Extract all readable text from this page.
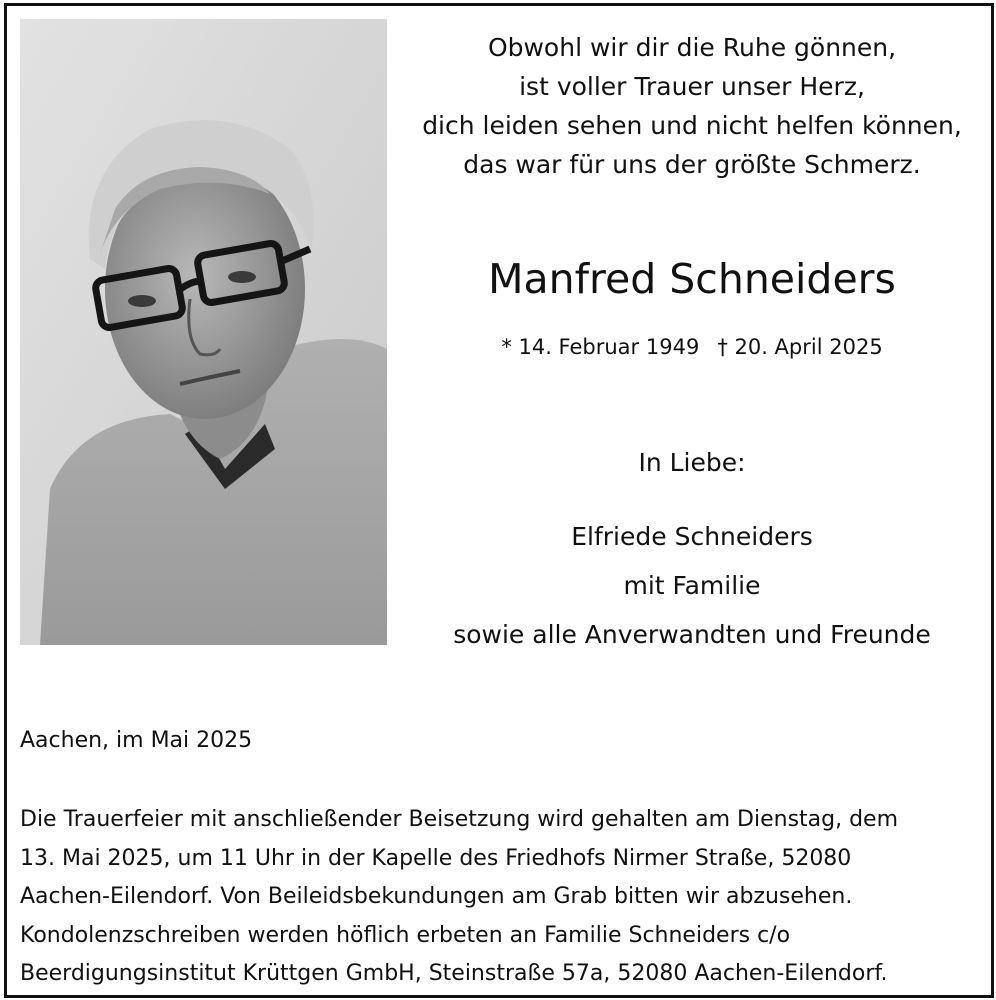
Obwohl wir dir die Ruhe gönnen,
ist voller Trauer unser Herz,
dich leiden sehen und nicht helfen können,
das war für uns der größte Schmerz.
Manfred Schneiders
* 14. Februar 1949 † 20. April 2025
In Liebe:
Elfriede Schneiders
mit Familie
sowie alle Anverwandten und Freunde
Aachen, im Mai 2025
Die Trauerfeier mit anschließender Beisetzung wird gehalten am Dienstag, dem
13. Mai 2025, um 11 Uhr in der Kapelle des Friedhofs Nirmer Straße, 52080
Aachen-Eilendorf. Von Beileidsbekundungen am Grab bitten wir abzusehen.
Kondolenzschreiben werden höflich erbeten an Familie Schneiders c/o
Beerdigungsinstitut Krüttgen GmbH, Steinstraße 57a, 52080 Aachen-Eilendorf.
